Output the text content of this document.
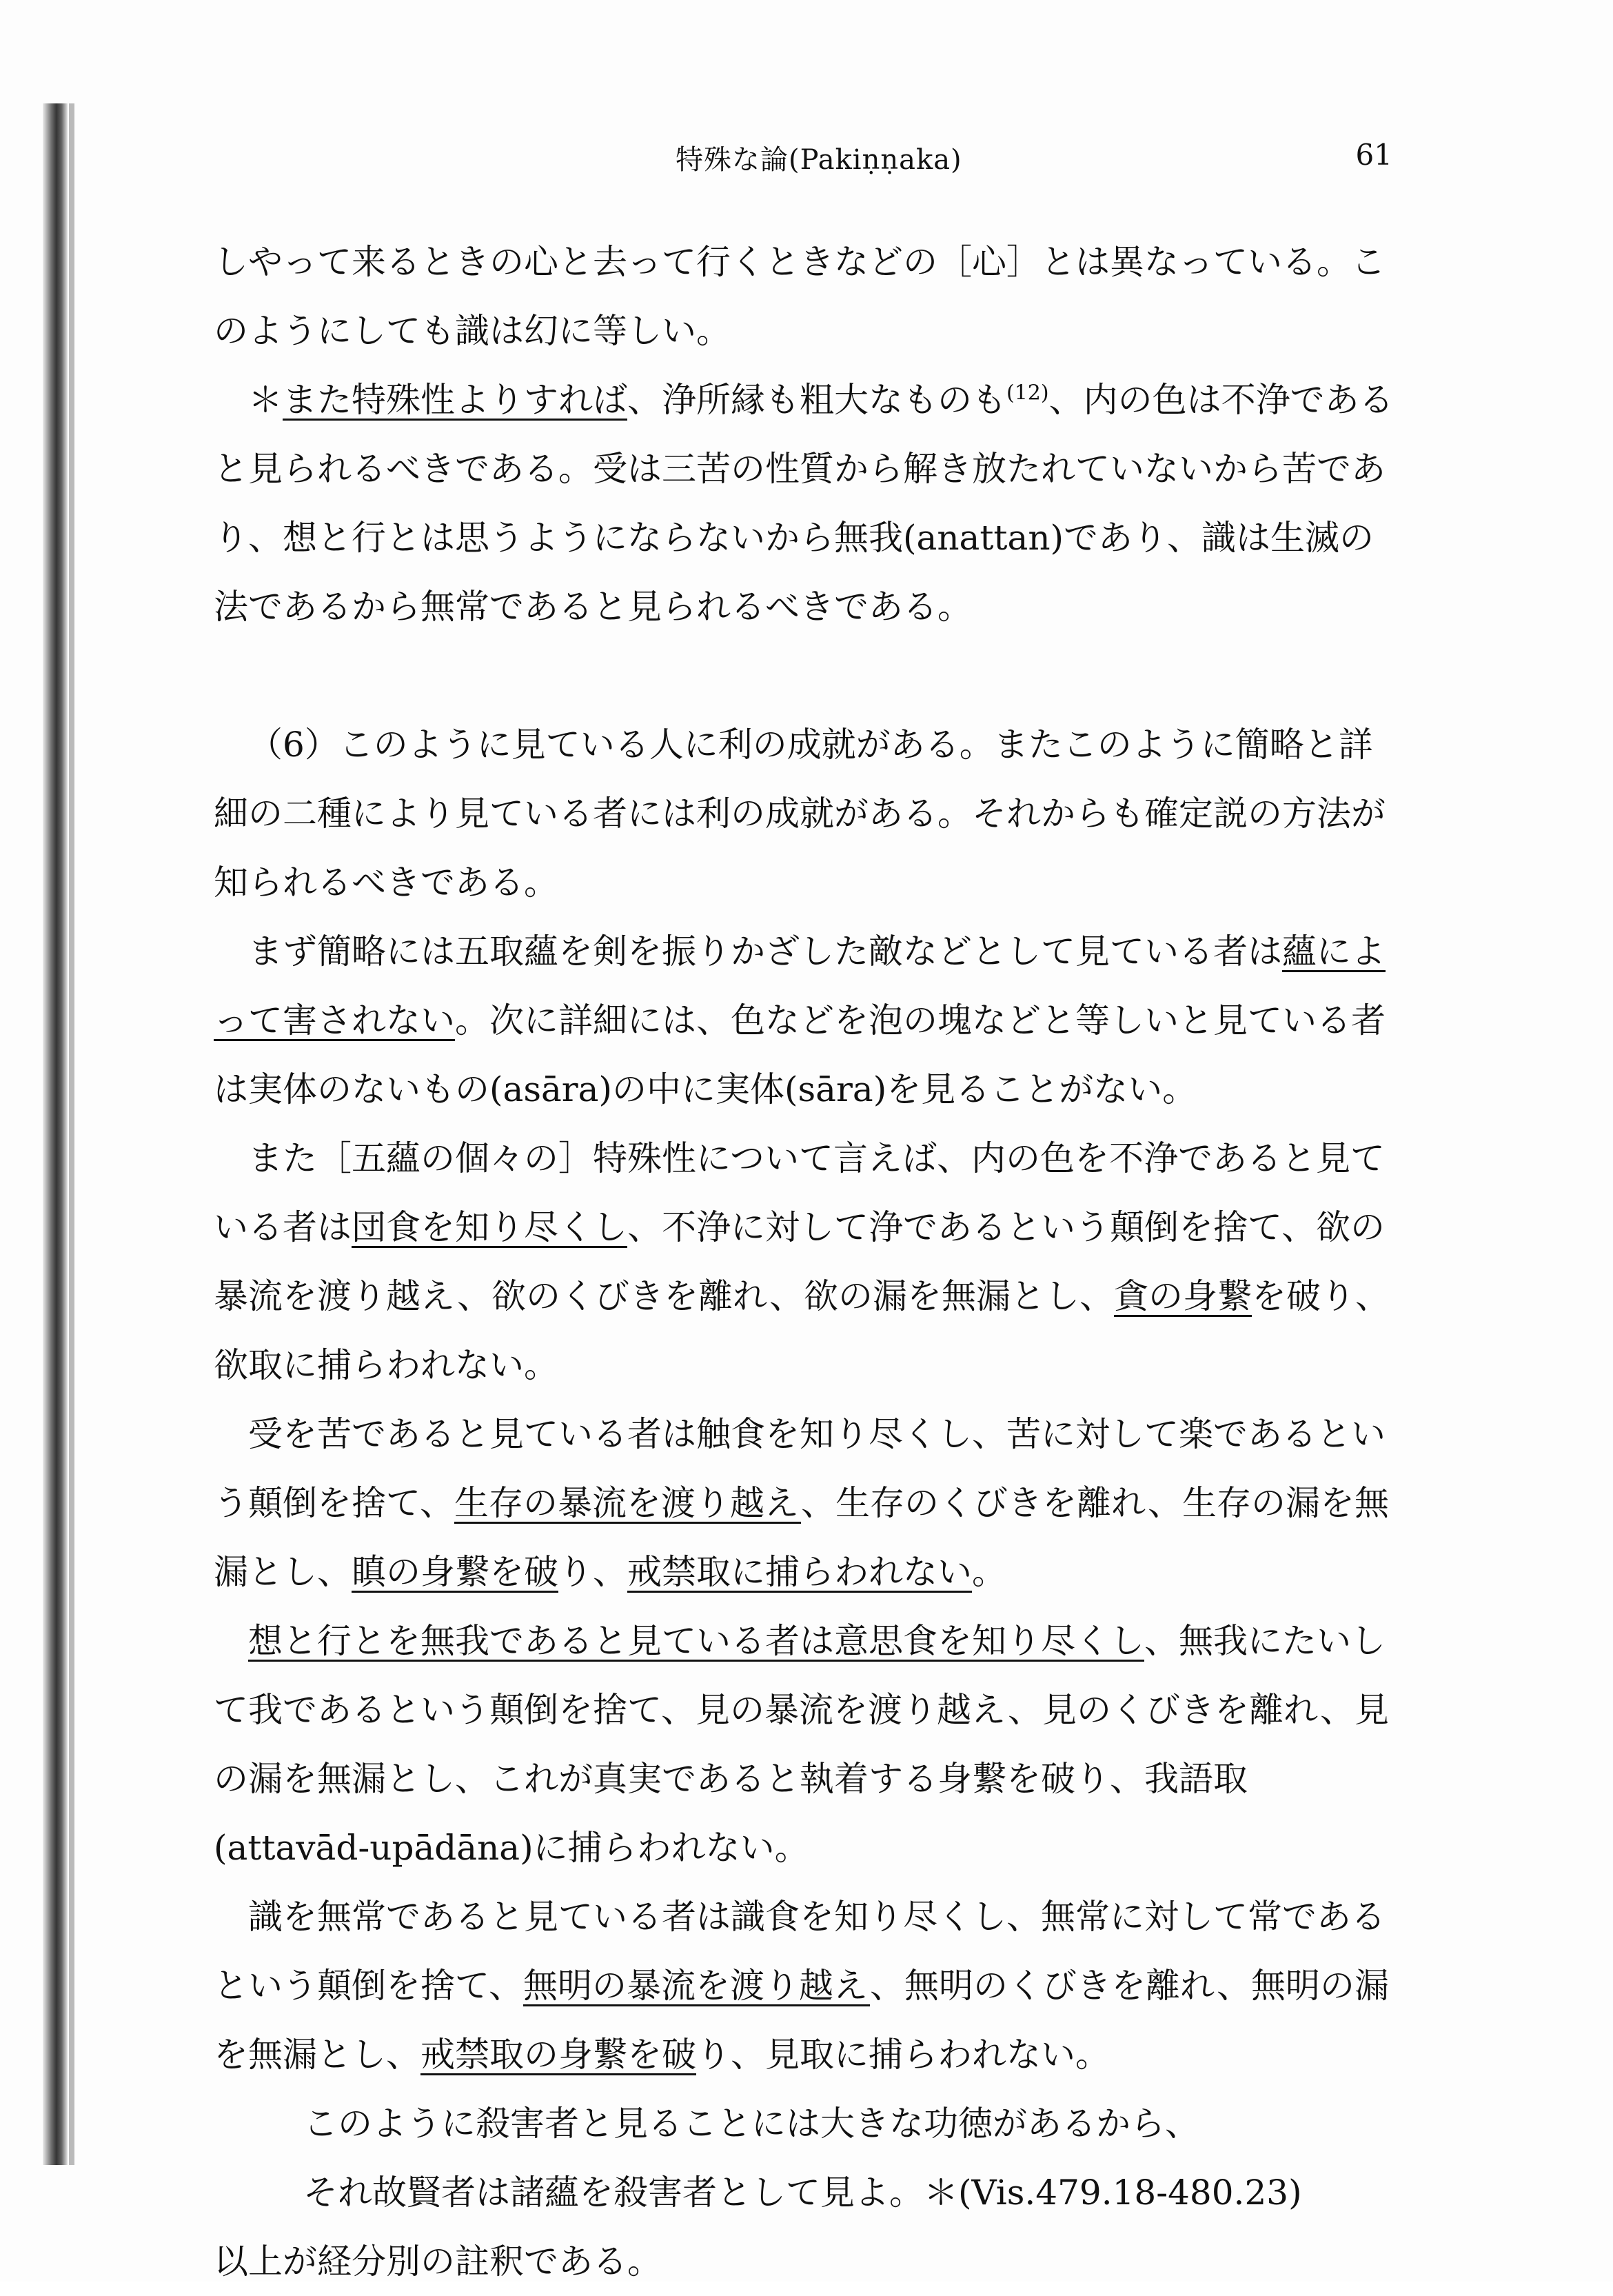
特殊な論(Pakiṇṇaka)	61

しやって来るときの心と去って行くときなどの［心］とは異なっている。このようにしても識は幻に等しい。

＊また特殊性よりすれば、浄所縁も粗大なものも$^{(12)}$、内の色は不浄であると見られるべきである。受は三苦の性質から解き放たれていないから苦であり、想と行とは思うようにならないから無我(anattan)であり、識は生滅の法であるから無常であると見られるべきである。

（6）このように見ている人に利の成就がある。またこのように簡略と詳細の二種により見ている者には利の成就がある。それからも確定説の方法が知られるべきである。

まず簡略には五取蘊を剣を振りかざした敵などとして見ている者は蘊によって害されない。次に詳細には、色などを泡の塊などと等しいと見ている者は実体のないもの(asāra)の中に実体(sāra)を見ることがない。

また［五蘊の個々の］特殊性について言えば、内の色を不浄であると見ている者は団食を知り尽くし、不浄に対して浄であるという顛倒を捨て、欲の暴流を渡り越え、欲のくびきを離れ、欲の漏を無漏とし、貪の身繋を破り、欲取に捕らわれない。

受を苦であると見ている者は触食を知り尽くし、苦に対して楽であるという顛倒を捨て、生存の暴流を渡り越え、生存のくびきを離れ、生存の漏を無漏とし、瞋の身繋を破り、戒禁取に捕らわれない。

想と行とを無我であると見ている者は意思食を知り尽くし、無我にたいして我であるという顛倒を捨て、見の暴流を渡り越え、見のくびきを離れ、見の漏を無漏とし、これが真実であると執着する身繋を破り、我語取(attavād-upādāna)に捕らわれない。

識を無常であると見ている者は識食を知り尽くし、無常に対して常であるという顛倒を捨て、無明の暴流を渡り越え、無明のくびきを離れ、無明の漏を無漏とし、戒禁取の身繋を破り、見取に捕らわれない。

このように殺害者と見ることには大きな功徳があるから、

それ故賢者は諸蘊を殺害者として見よ。＊(Vis.479.18-480.23)

以上が経分別の註釈である。
